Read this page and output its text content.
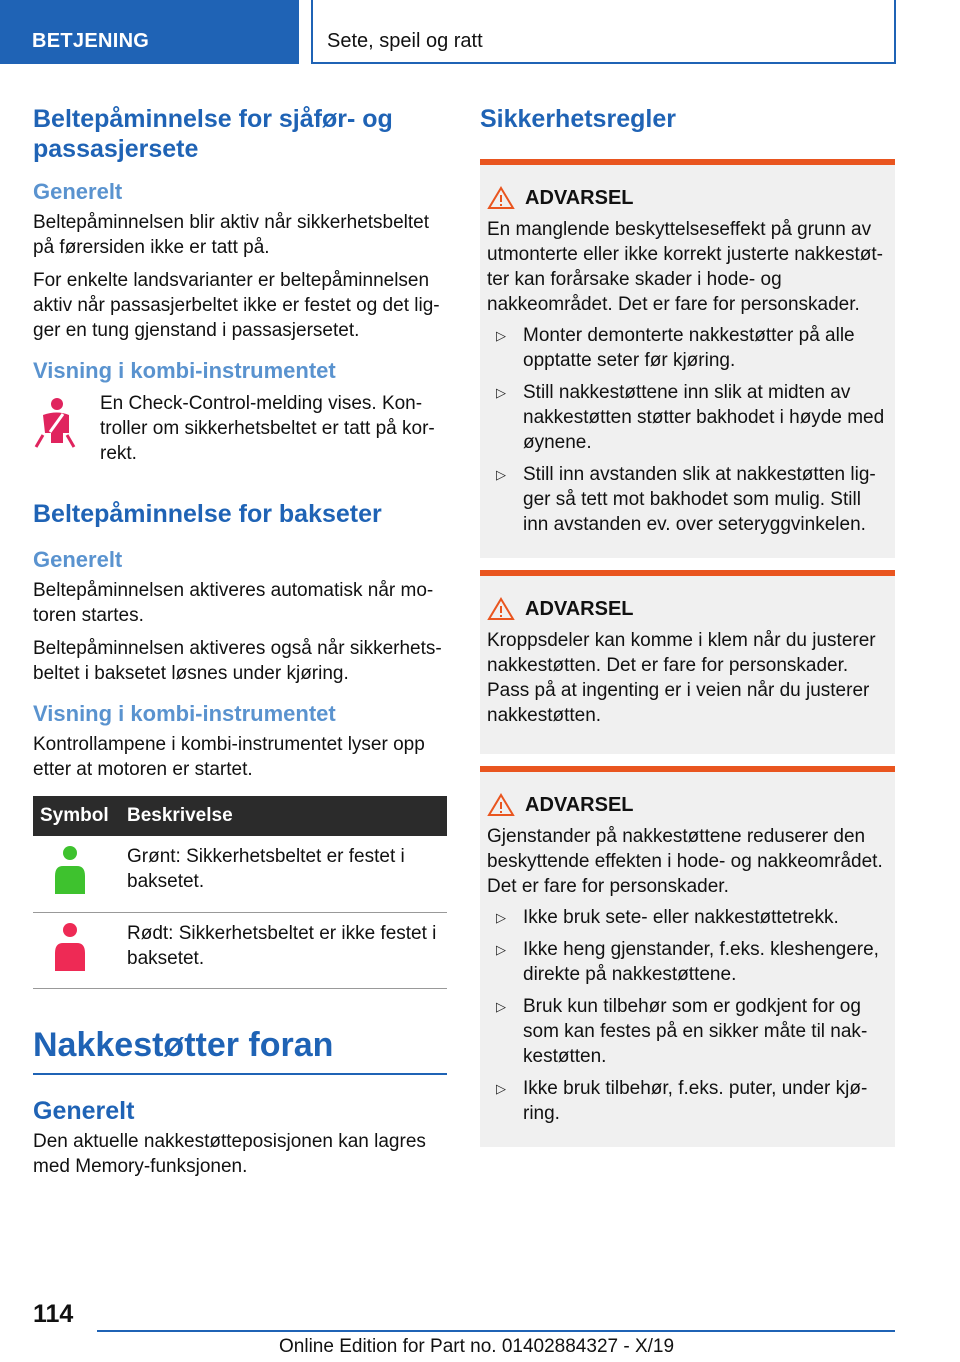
BETJENING	Sete, speil og ratt
Beltepåminnelse for sjåfør- og passasjersete
Generelt

Beltepåminnelsen blir aktiv når sikkerhetsbeltet på førersiden ikke er tatt på.

For enkelte landsvarianter er beltepåminnelsen aktiv når passasjerbeltet ikke er festet og det ligger en tung gjenstand i passasjersetet.

Visning i kombi-instrumentet

En Check-Control-melding vises. Kontroller om sikkerhetsbeltet er tatt på korrekt.

Beltepåminnelse for bakseter
Generelt

Beltepåminnelsen aktiveres automatisk når motoren startes.

Beltepåminnelsen aktiveres også når sikkerhetsbeltet i baksetet løsnes under kjøring.

Visning i kombi-instrumentet

Kontrollampene i kombi-instrumentet lyser opp etter at motoren er startet.

Symbol	Beskrivelse
	Grønt: Sikkerhetsbeltet er festet i baksetet.
	Rødt: Sikkerhetsbeltet er ikke festet i baksetet.
Nakkestøtter foran
Generelt

Den aktuelle nakkestøtteposisjonen kan lagres med Memory-funksjonen.

Sikkerhetsregler
ADVARSEL

En manglende beskyttelseseffekt på grunn av utmonterte eller ikke korrekt justerte nakkestøtter kan forårsake skader i hode- og nakkeområdet. Det er fare for personskader.

▷ Monter demonterte nakkestøtter på alle opptatte seter før kjøring.
▷ Still nakkestøttene inn slik at midten av nakkestøtten støtter bakhodet i høyde med øynene.
▷ Still inn avstanden slik at nakkestøtten ligger så tett mot bakhodet som mulig. Still inn avstanden ev. over seteryggvinkelen.
ADVARSEL

Kroppsdeler kan komme i klem når du justerer nakkestøtten. Det er fare for personskader. Pass på at ingenting er i veien når du justerer nakkestøtten.

ADVARSEL

Gjenstander på nakkestøttene reduserer den beskyttende effekten i hode- og nakkeområdet. Det er fare for personskader.

▷ Ikke bruk sete- eller nakkestøttetrekk.
▷ Ikke heng gjenstander, f.eks. kleshengere, direkte på nakkestøttene.
▷ Bruk kun tilbehør som er godkjent for og som kan festes på en sikker måte til nakkestøtten.
▷ Ikke bruk tilbehør, f.eks. puter, under kjøring.
114
Online Edition for Part no. 01402884327 - X/19
